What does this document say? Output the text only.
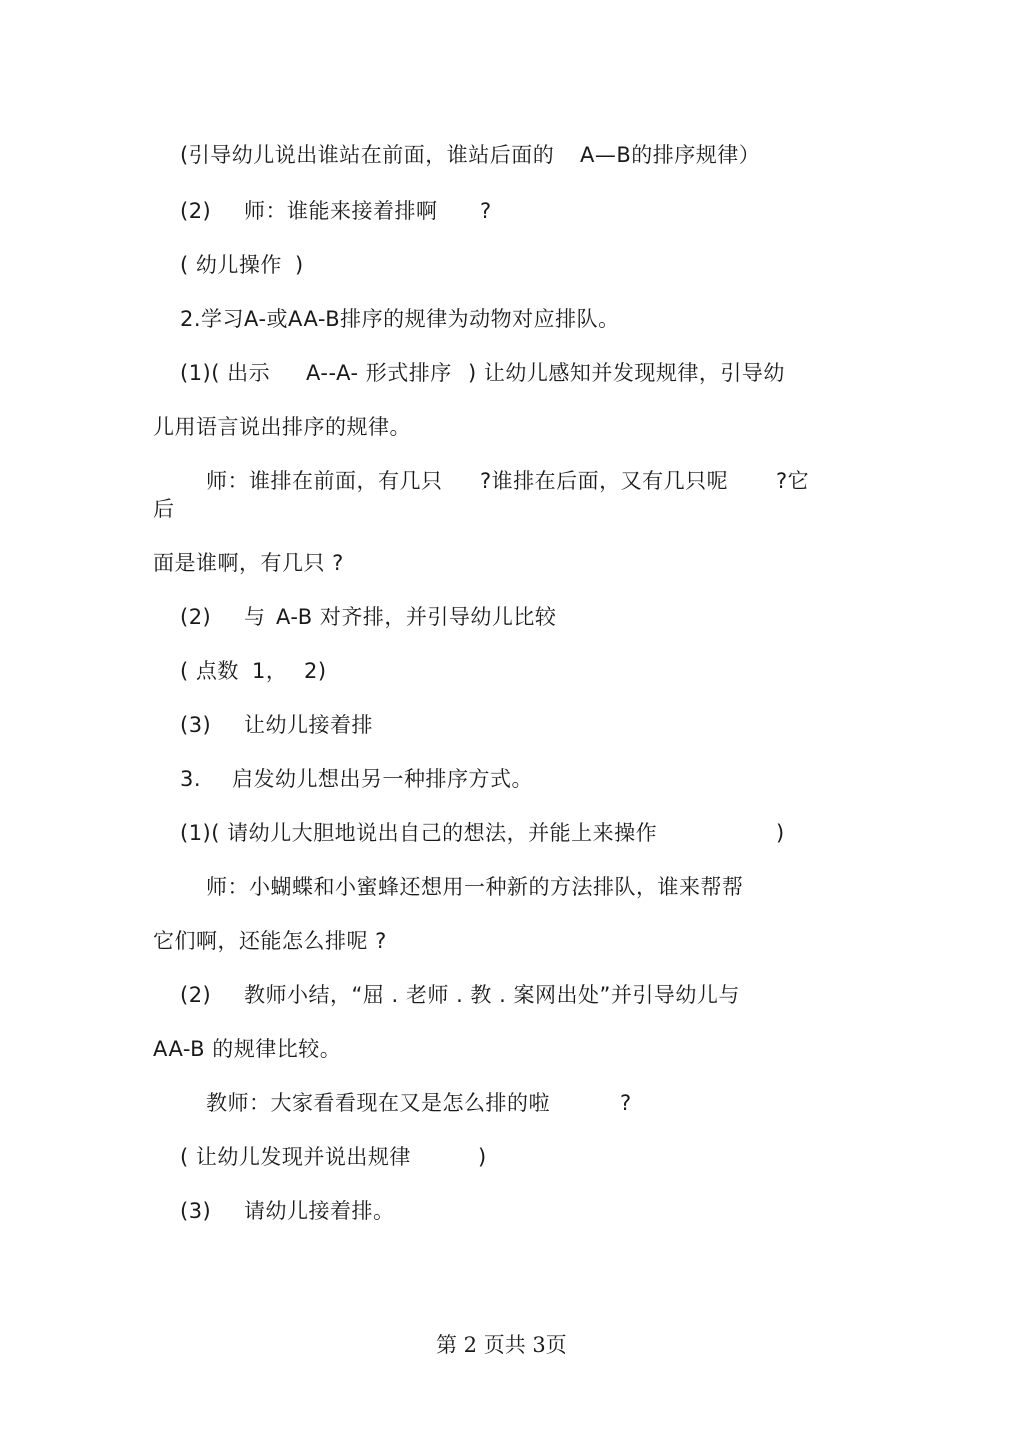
(引导幼儿说出谁站在前面，谁站后面的 A—B的排序规律）
(2) 师：谁能来接着排啊 ?
( 幼儿操作 )
2.学习A-或AA-B排序的规律为动物对应排队。
(1)( 出示 A--A- 形式排序 ) 让幼儿感知并发现规律，引导幼
儿用语言说出排序的规律。
师：谁排在前面，有几只 ?谁排在后面，又有几只呢 ?它
后
面是谁啊，有几只 ?
(2) 与 A-B 对齐排，并引导幼儿比较
( 点数 1， 2)
(3) 让幼儿接着排
3. 启发幼儿想出另一种排序方式。
(1)( 请幼儿大胆地说出自己的想法，并能上来操作	)
师：小蝴蝶和小蜜蜂还想用一种新的方法排队，谁来帮帮
它们啊，还能怎么排呢 ?
(2) 教师小结，“屈 . 老师 . 教 . 案网出处”并引导幼儿与
AA-B 的规律比较。
教师：大家看看现在又是怎么排的啦	?
( 让幼儿发现并说出规律	)
(3) 请幼儿接着排。
第 2 页共 3页
